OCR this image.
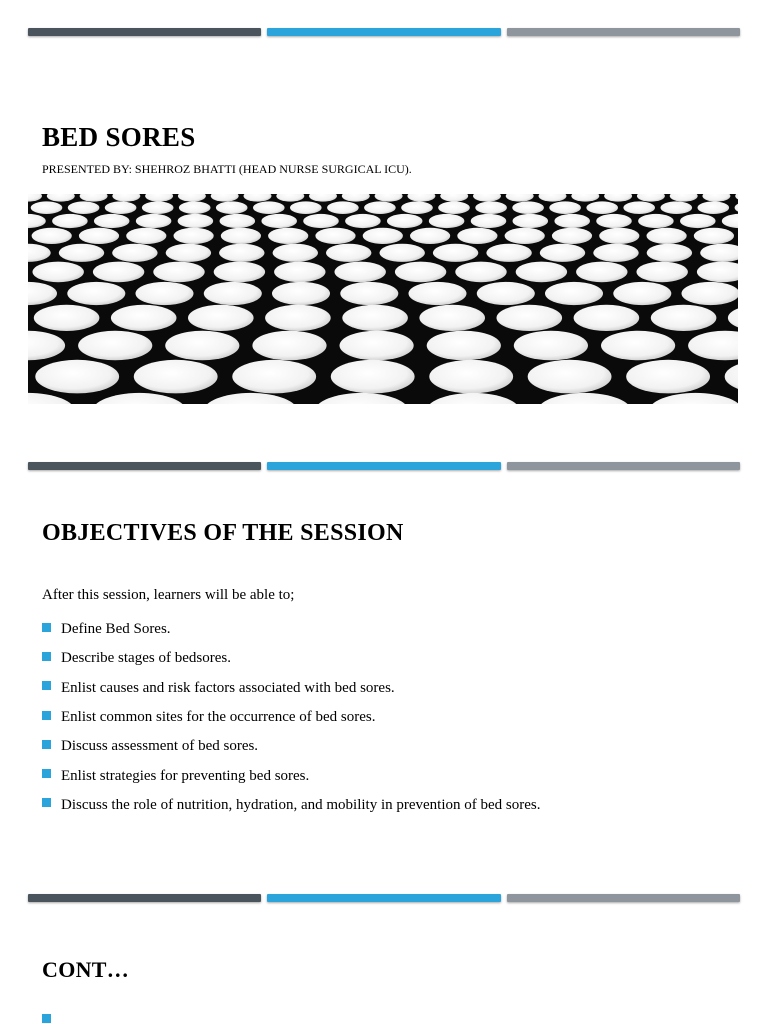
BED SORES
PRESENTED BY: SHEHROZ BHATTI (HEAD NURSE SURGICAL ICU).
OBJECTIVES OF THE SESSION
After this session, learners will be able to;
Define Bed Sores.
Describe stages of bedsores.
Enlist causes and risk factors associated with bed sores.
Enlist common sites for the occurrence of bed sores.
Discuss assessment of bed sores.
Enlist strategies for preventing bed sores.
Discuss the role of nutrition, hydration, and mobility in prevention of bed sores.
CONT…
